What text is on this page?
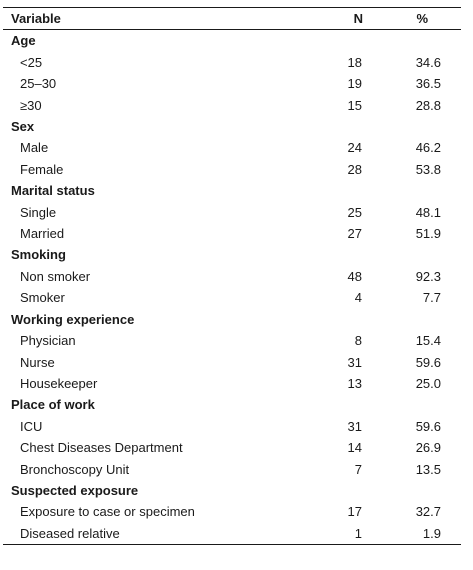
Variable	N	%
Age		
<25	18	34.6
25–30	19	36.5
≥30	15	28.8
Sex		
Male	24	46.2
Female	28	53.8
Marital status		
Single	25	48.1
Married	27	51.9
Smoking		
Non smoker	48	92.3
Smoker	4	7.7
Working experience		
Physician	8	15.4
Nurse	31	59.6
Housekeeper	13	25.0
Place of work		
ICU	31	59.6
Chest Diseases Department	14	26.9
Bronchoscopy Unit	7	13.5
Suspected exposure		
Exposure to case or specimen	17	32.7
Diseased relative	1	1.9
